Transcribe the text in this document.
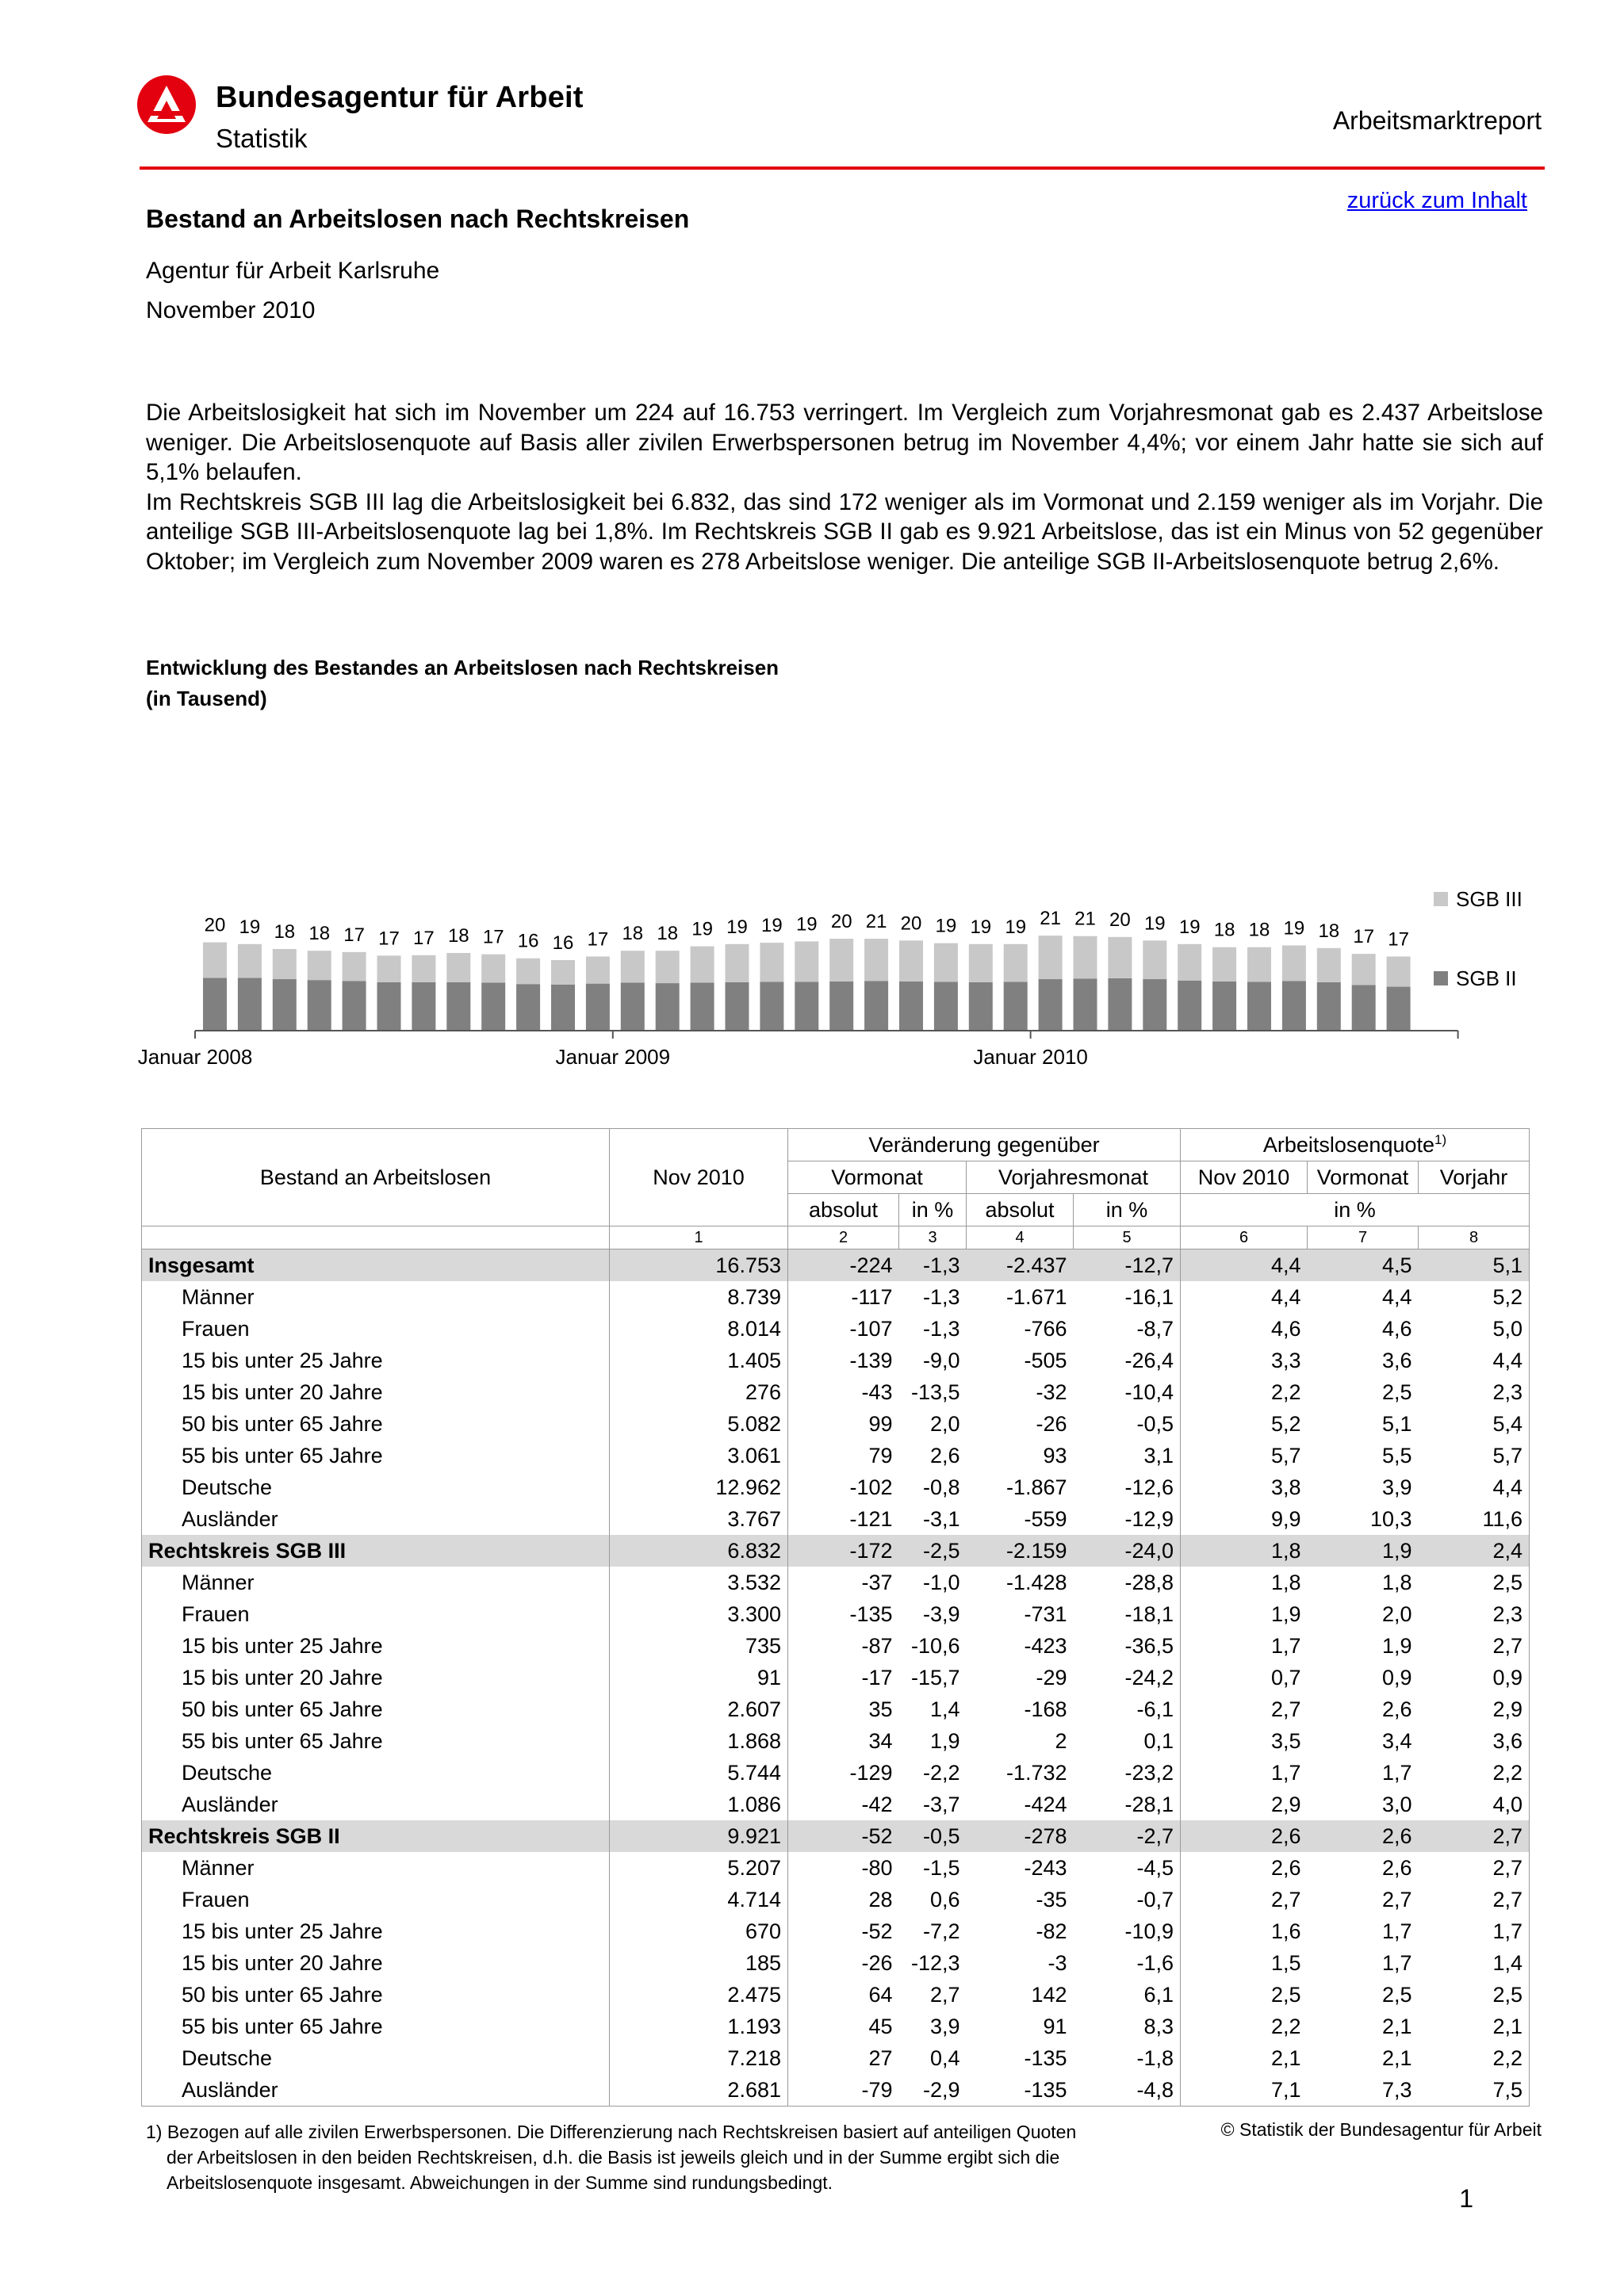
Bundesagentur für Arbeit
Statistik
Arbeitsmarktreport
zurück zum Inhalt
Bestand an Arbeitslosen nach Rechtskreisen
Agentur für Arbeit Karlsruhe
November 2010

Die Arbeitslosigkeit hat sich im November um 224 auf 16.753 verringert. Im Vergleich zum Vorjahresmonat gab es 2.437 Arbeitslose weniger. Die Arbeitslosenquote auf Basis aller zivilen Erwerbspersonen betrug im November 4,4%; vor einem Jahr hatte sie sich auf 5,1% belaufen.

Im Rechtskreis SGB III lag die Arbeitslosigkeit bei 6.832, das sind 172 weniger als im Vormonat und 2.159 weniger als im Vorjahr. Die anteilige SGB III-Arbeitslosenquote lag bei 1,8%. Im Rechtskreis SGB II gab es 9.921 Arbeitslose, das ist ein Minus von 52 gegenüber Oktober; im Vergleich zum November 2009 waren es 278 Arbeitslose weniger. Die anteilige SGB II-Arbeitslosenquote betrug 2,6%.

Entwicklung des Bestandes an Arbeitslosen nach Rechtskreisen
(in Tausend)
20 19 18 18 17 17 17 18 17 16 16 17 18 18 19 19 19 19 20 21 20 19 19 19 21 21 20 19 19 18 18 19 18 17 17
Januar 2008	Januar 2009	Januar 2010
SGB III
SGB II
Bestand an Arbeitslosen	Nov 2010	Veränderung gegenüber				Arbeitslosenquote$^{1)}$
		Vormonat		Vorjahresmonat		Nov 2010	Vormonat	Vorjahr
		absolut	in %	absolut	in %	in %		
	1	2	3	4	5	6	7	8
Insgesamt	16.753	-224	-1,3	-2.437	-12,7	4,4	4,5	5,1
Männer	8.739	-117	-1,3	-1.671	-16,1	4,4	4,4	5,2
Frauen	8.014	-107	-1,3	-766	-8,7	4,6	4,6	5,0
15 bis unter 25 Jahre	1.405	-139	-9,0	-505	-26,4	3,3	3,6	4,4
15 bis unter 20 Jahre	276	-43	-13,5	-32	-10,4	2,2	2,5	2,3
50 bis unter 65 Jahre	5.082	99	2,0	-26	-0,5	5,2	5,1	5,4
55 bis unter 65 Jahre	3.061	79	2,6	93	3,1	5,7	5,5	5,7
Deutsche	12.962	-102	-0,8	-1.867	-12,6	3,8	3,9	4,4
Ausländer	3.767	-121	-3,1	-559	-12,9	9,9	10,3	11,6
Rechtskreis SGB III	6.832	-172	-2,5	-2.159	-24,0	1,8	1,9	2,4
Männer	3.532	-37	-1,0	-1.428	-28,8	1,8	1,8	2,5
Frauen	3.300	-135	-3,9	-731	-18,1	1,9	2,0	2,3
15 bis unter 25 Jahre	735	-87	-10,6	-423	-36,5	1,7	1,9	2,7
15 bis unter 20 Jahre	91	-17	-15,7	-29	-24,2	0,7	0,9	0,9
50 bis unter 65 Jahre	2.607	35	1,4	-168	-6,1	2,7	2,6	2,9
55 bis unter 65 Jahre	1.868	34	1,9	2	0,1	3,5	3,4	3,6
Deutsche	5.744	-129	-2,2	-1.732	-23,2	1,7	1,7	2,2
Ausländer	1.086	-42	-3,7	-424	-28,1	2,9	3,0	4,0
Rechtskreis SGB II	9.921	-52	-0,5	-278	-2,7	2,6	2,6	2,7
Männer	5.207	-80	-1,5	-243	-4,5	2,6	2,6	2,7
Frauen	4.714	28	0,6	-35	-0,7	2,7	2,7	2,7
15 bis unter 25 Jahre	670	-52	-7,2	-82	-10,9	1,6	1,7	1,7
15 bis unter 20 Jahre	185	-26	-12,3	-3	-1,6	1,5	1,7	1,4
50 bis unter 65 Jahre	2.475	64	2,7	142	6,1	2,5	2,5	2,5
55 bis unter 65 Jahre	1.193	45	3,9	91	8,3	2,2	2,1	2,1
Deutsche	7.218	27	0,4	-135	-1,8	2,1	2,1	2,2
Ausländer	2.681	-79	-2,9	-135	-4,8	7,1	7,3	7,5
1) Bezogen auf alle zivilen Erwerbspersonen. Die Differenzierung nach Rechtskreisen basiert auf anteiligen Quoten
der Arbeitslosen in den beiden Rechtskreisen, d.h. die Basis ist jeweils gleich und in der Summe ergibt sich die
Arbeitslosenquote insgesamt. Abweichungen in der Summe sind rundungsbedingt.
© Statistik der Bundesagentur für Arbeit
1
